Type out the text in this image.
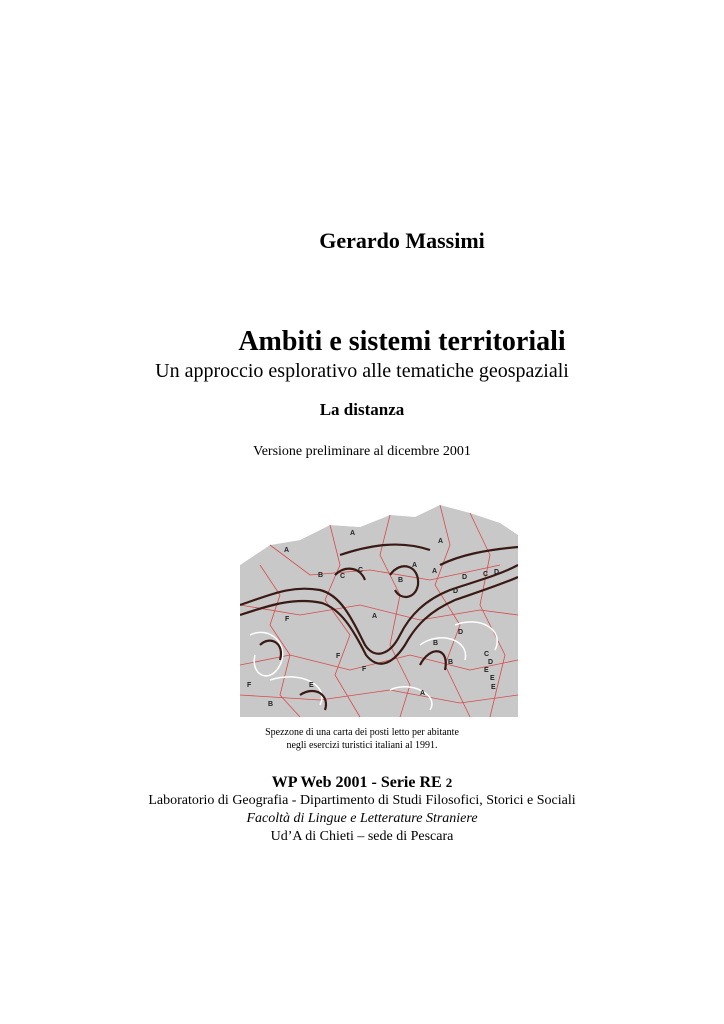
Gerardo Massimi
Ambiti e sistemi territoriali
Un approccio esplorativo alle tematiche geospaziali
La distanza
Versione preliminare al dicembre 2001
A
A
A
B C
C
A
B
A
D C D
D
F	A
F
F
B
C
D
E
E
E
A
B
E
F
B
D
Spezzone di una carta dei posti letto per abitante
negli esercizi turistici italiani al 1991.
WP Web 2001 - Serie RE 2
Laboratorio di Geografia - Dipartimento di Studi Filosofici, Storici e Sociali
Facoltà di Lingue e Letterature Straniere
Ud’A di Chieti – sede di Pescara
